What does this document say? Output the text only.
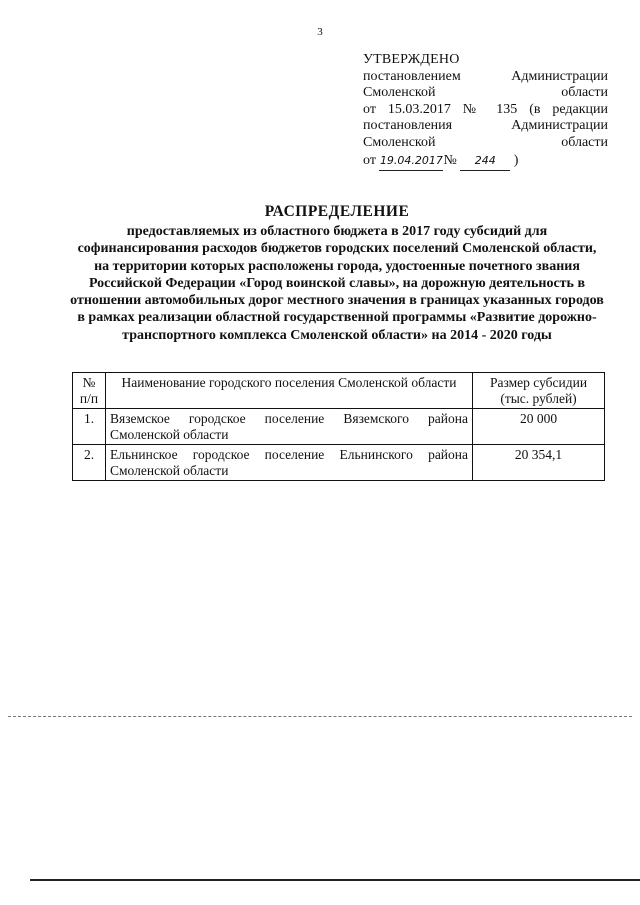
3
УТВЕРЖДЕНО
постановлением	Администрации
Смоленской	области
от 15.03.2017 № 135 (в редакции
постановления	Администрации
Смоленской	области
от 19.04.2017№ 244 )
РАСПРЕДЕЛЕНИЕ
предоставляемых из областного бюджета в 2017 году субсидий для софинансирования расходов бюджетов городских поселений Смоленской области, на территории которых расположены города, удостоенные почетного звания Российской Федерации «Город воинской славы», на дорожную деятельность в отношении автомобильных дорог местного значения в границах указанных городов в рамках реализации областной государственной программы «Развитие дорожно-транспортного комплекса Смоленской области» на 2014 - 2020 годы
№ п/п	Наименование городского поселения Смоленской области	Размер субсидии (тыс. рублей)
1.	Вяземское городское поселение Вяземского района Смоленской области	20 000
2.	Ельнинское городское поселение Ельнинского района Смоленской области	20 354,1
